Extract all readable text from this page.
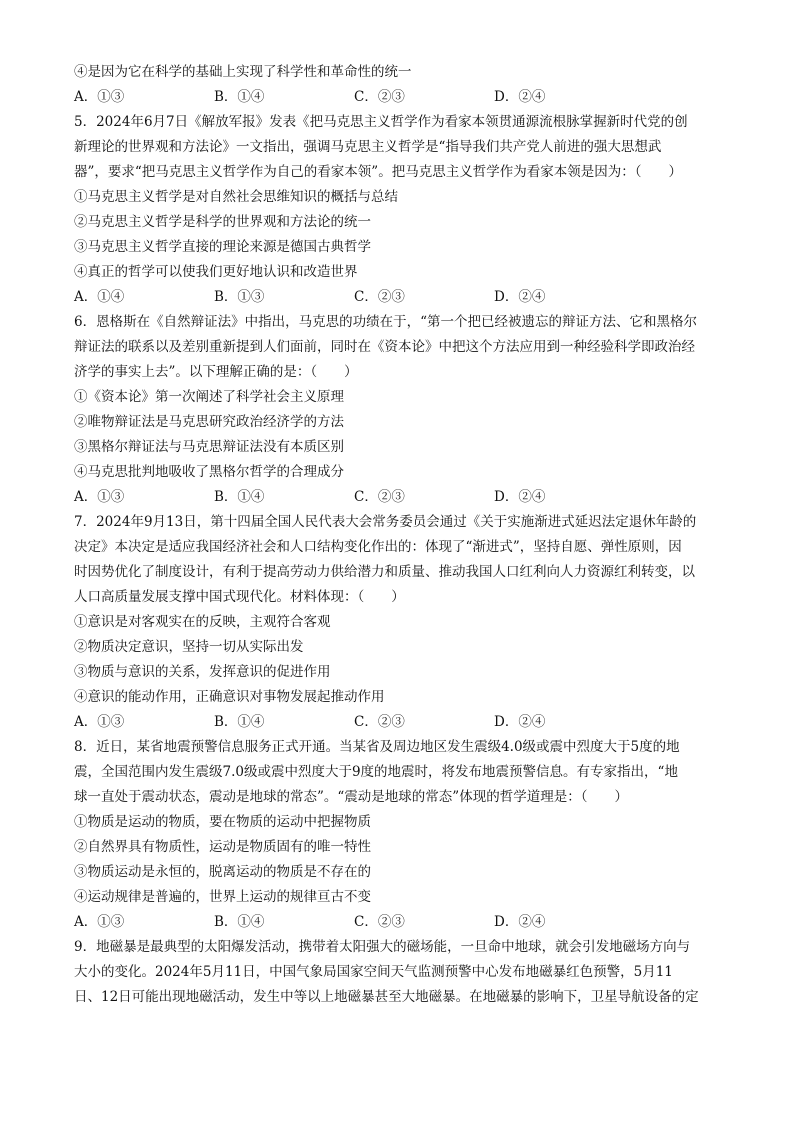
④是因为它在科学的基础上实现了科学性和革命性的统一
A．①③	B．①④	C．②③	D．②④
5．2024年6月7日《解放军报》发表《把马克思主义哲学作为看家本领贯通源流根脉掌握新时代党的创
新理论的世界观和方法论》一文指出，强调马克思主义哲学是“指导我们共产党人前进的强大思想武
器”，要求“把马克思主义哲学作为自己的看家本领”。把马克思主义哲学作为看家本领是因为：（　　）
①马克思主义哲学是对自然社会思维知识的概括与总结
②马克思主义哲学是科学的世界观和方法论的统一
③马克思主义哲学直接的理论来源是德国古典哲学
④真正的哲学可以使我们更好地认识和改造世界
A．①④	B．①③	C．②③	D．②④
6．恩格斯在《自然辩证法》中指出，马克思的功绩在于，“第一个把已经被遗忘的辩证方法、它和黑格尔
辩证法的联系以及差别重新提到人们面前，同时在《资本论》中把这个方法应用到一种经验科学即政治经
济学的事实上去”。以下理解正确的是：（　　）
①《资本论》第一次阐述了科学社会主义原理
②唯物辩证法是马克思研究政治经济学的方法
③黑格尔辩证法与马克思辩证法没有本质区别
④马克思批判地吸收了黑格尔哲学的合理成分
A．①③	B．①④	C．②③	D．②④
7．2024年9月13日，第十四届全国人民代表大会常务委员会通过《关于实施渐进式延迟法定退休年龄的
决定》本决定是适应我国经济社会和人口结构变化作出的：体现了“渐进式”，坚持自愿、弹性原则，因
时因势优化了制度设计，有利于提高劳动力供给潜力和质量、推动我国人口红利向人力资源红利转变，以
人口高质量发展支撑中国式现代化。材料体现：（　　）
①意识是对客观实在的反映，主观符合客观
②物质决定意识，坚持一切从实际出发
③物质与意识的关系，发挥意识的促进作用
④意识的能动作用，正确意识对事物发展起推动作用
A．①③	B．①④	C．②③	D．②④
8．近日，某省地震预警信息服务正式开通。当某省及周边地区发生震级4.0级或震中烈度大于5度的地
震，全国范围内发生震级7.0级或震中烈度大于9度的地震时，将发布地震预警信息。有专家指出，“地
球一直处于震动状态，震动是地球的常态”。“震动是地球的常态”体现的哲学道理是：（　　）
①物质是运动的物质，要在物质的运动中把握物质
②自然界具有物质性，运动是物质固有的唯一特性
③物质运动是永恒的，脱离运动的物质是不存在的
④运动规律是普遍的，世界上运动的规律亘古不变
A．①③	B．①④	C．②③	D．②④
9．地磁暴是最典型的太阳爆发活动，携带着太阳强大的磁场能，一旦命中地球，就会引发地磁场方向与
大小的变化。2024年5月11日，中国气象局国家空间天气监测预警中心发布地磁暴红色预警，5月11
日、12日可能出现地磁活动，发生中等以上地磁暴甚至大地磁暴。在地磁暴的影响下，卫星导航设备的定
